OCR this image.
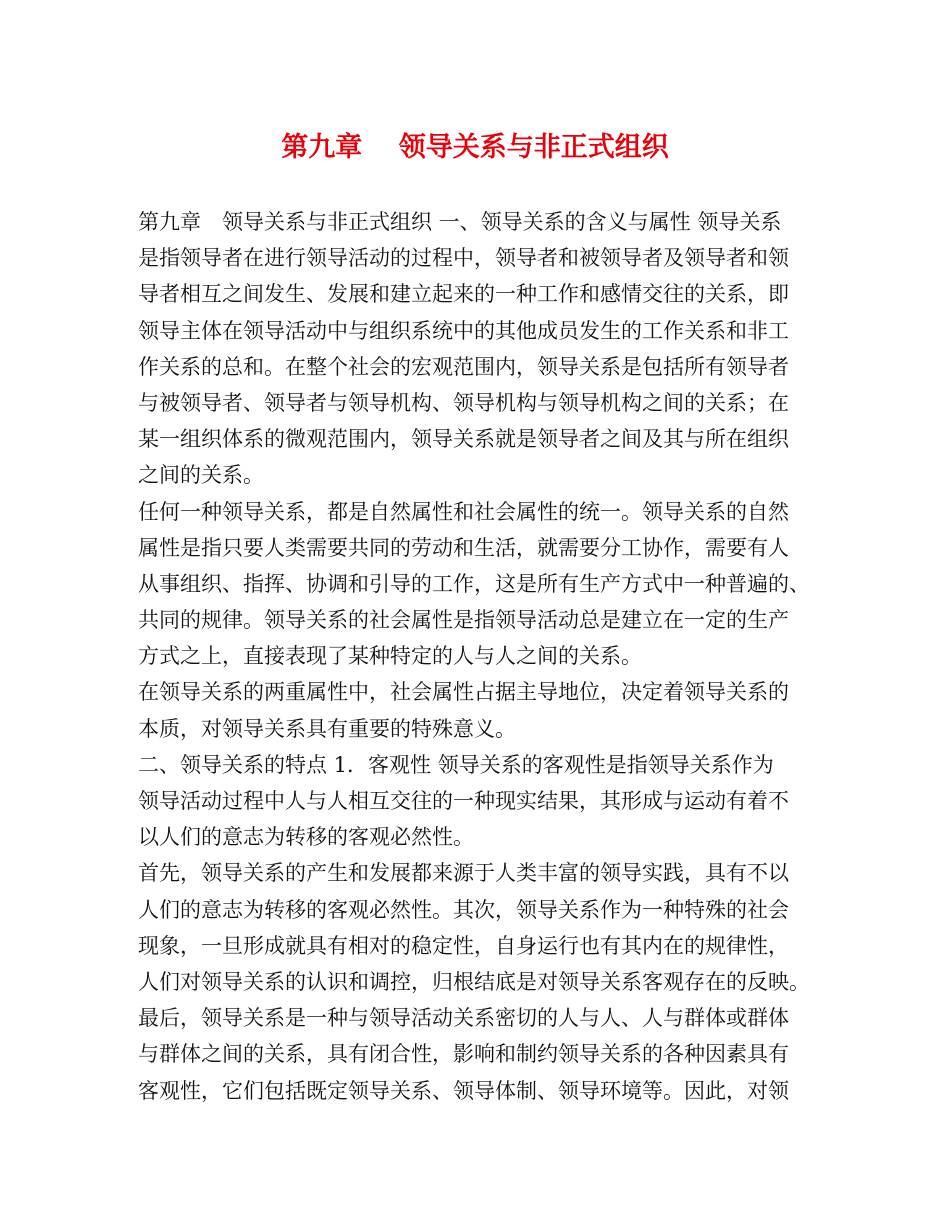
第九章　 领导关系与非正式组织
第九章　领导关系与非正式组织 一、领导关系的含义与属性 领导关系
是指领导者在进行领导活动的过程中，领导者和被领导者及领导者和领
导者相互之间发生、发展和建立起来的一种工作和感情交往的关系，即
领导主体在领导活动中与组织系统中的其他成员发生的工作关系和非工
作关系的总和。在整个社会的宏观范围内，领导关系是包括所有领导者
与被领导者、领导者与领导机构、领导机构与领导机构之间的关系；在
某一组织体系的微观范围内，领导关系就是领导者之间及其与所在组织
之间的关系。
任何一种领导关系，都是自然属性和社会属性的统一。领导关系的自然
属性是指只要人类需要共同的劳动和生活，就需要分工协作，需要有人
从事组织、指挥、协调和引导的工作，这是所有生产方式中一种普遍的、
共同的规律。领导关系的社会属性是指领导活动总是建立在一定的生产
方式之上，直接表现了某种特定的人与人之间的关系。
在领导关系的两重属性中，社会属性占据主导地位，决定着领导关系的
本质，对领导关系具有重要的特殊意义。
二、领导关系的特点 1．客观性 领导关系的客观性是指领导关系作为
领导活动过程中人与人相互交往的一种现实结果，其形成与运动有着不
以人们的意志为转移的客观必然性。
首先，领导关系的产生和发展都来源于人类丰富的领导实践，具有不以
人们的意志为转移的客观必然性。其次，领导关系作为一种特殊的社会
现象，一旦形成就具有相对的稳定性，自身运行也有其内在的规律性，
人们对领导关系的认识和调控，归根结底是对领导关系客观存在的反映。
最后，领导关系是一种与领导活动关系密切的人与人、人与群体或群体
与群体之间的关系，具有闭合性，影响和制约领导关系的各种因素具有
客观性，它们包括既定领导关系、领导体制、领导环境等。因此，对领
